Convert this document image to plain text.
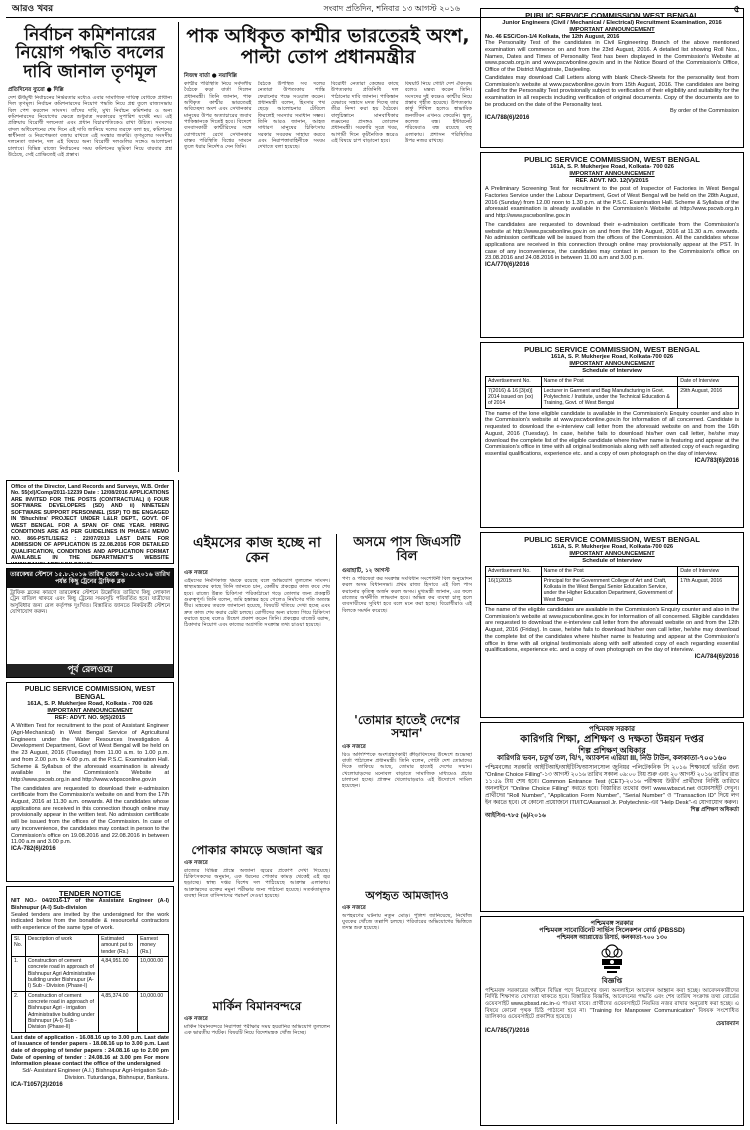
আরও খবর	সংবাদ প্রতিদিন, শনিবার ১৩ আগস্ট ২০১৬	৫
নির্বাচন কমিশনারের নিয়োগ পদ্ধতি বদলের দাবি জানাল তৃণমূল
প্রতিদিনের ব্যুরো ● দিল্লি
দেশ ঊর্ধমুখী নির্বাচনের নির্ভরতার মধ্যেও এবার সামাজিক দায়িত্ব বোধকে প্রাধান্য দিল তৃণমূল। নির্বাচন কমিশনারদের নিয়োগ পদ্ধতি নিয়ে প্রশ্ন তুলে রাজ্যসভায় বিল পেশ করলেন সাংসদ। তাঁদের দাবি, মুখ্য নির্বাচন কমিশনার ও অন্য কমিশনারদের নিয়োগের ক্ষেত্রে শুধুমাত্র সরকারের সুপারিশ যথেষ্ট নয়। এই প্রক্রিয়ায় বিরোধী দলনেতা এবং প্রধান বিচারপতিকেও রাখা উচিত। সংসদের বাদল অধিবেশনের শেষ দিনে এই দাবি জানিয়ে দলের তরফে বলা হয়, কমিশনের স্বাধীনতা ও নিরপেক্ষতা বজায় রাখতে এই সংস্কার জরুরি। তৃণমূলের সংসদীয় দলনেতা জানান, দল এই বিষয়ে অন্য বিরোধী দলগুলির সঙ্গেও আলোচনা চালাবে। বিভিন্ন রাজ্যে নির্বাচনের সময় কমিশনের ভূমিকা নিয়ে বারবার প্রশ্ন উঠেছে, সেই প্রেক্ষিতেই এই প্রস্তাব।
পাক অধিকৃত কাশ্মীর ভারতেরই অংশ, পাল্টা তোপ প্রধানমন্ত্রীর
নিজস্ব বার্তা ● নয়াদিল্লি
কাশ্মীর পরিস্থিতি নিয়ে সর্বদলীয় বৈঠকে কড়া বার্তা দিলেন প্রধানমন্ত্রী। তিনি জানান, পাক অধিকৃত কাশ্মীর ভারতেরই অবিচ্ছেদ্য অংশ এবং সেখানকার মানুষের উপর অত্যাচারের জবাব পাকিস্তানকে দিতেই হবে। বিদেশে বসবাসকারী কাশ্মীরিদের সঙ্গে যোগাযোগ রেখে সেখানকার বাস্তব পরিস্থিতি বিশ্বের সামনে তুলে ধরার নির্দেশও দেন তিনি।
বৈঠকে উপস্থিত সব দলের নেতারা উপত্যকায় শান্তি ফেরানোর পক্ষে সওয়াল করেন। প্রধানমন্ত্রী বলেন, হিংসার পথ ছেড়ে আলোচনার টেবিলে ফিরলেই সমস্যার সমাধান সম্ভব। তিনি আরও জানান, আহত সাধারণ মানুষের চিকিৎসায় সরকার সবরকম সাহায্য করবে এবং নিরাপত্তাবাহিনীকে সংযম দেখাতে বলা হয়েছে।
বিরোধী নেতারা কেন্দ্রের কাছে উপত্যকায় প্রতিনিধি দল পাঠানোর দাবি জানান। পাকিস্তান যেভাবে সন্ত্রাসে মদত দিচ্ছে তার তীব্র নিন্দা করা হয় বৈঠকে। বালুচিস্তানে মানবাধিকার লঙ্ঘনের প্রসঙ্গও তোলেন প্রধানমন্ত্রী। সরকারি সূত্রে খবর, আগামী দিনে কূটনৈতিক স্তরেও এই বিষয়ে চাপ বাড়ানো হবে।
বিষয়টি নিয়ে গোটা দেশ ঐক্যবদ্ধ বলেও মন্তব্য করেন তিনি। সংসদের দুই কক্ষেও কাশ্মীর নিয়ে প্রস্তাব গৃহীত হয়েছে। উপত্যকায় কার্ফু শিথিল হলেও স্বাভাবিক জনজীবন এখনও ফেরেনি। স্কুল, কলেজ বন্ধ। ইন্টারনেট পরিষেবাও বন্ধ রয়েছে বহু এলাকায়। প্রশাসন পরিস্থিতির উপর নজর রাখছে।
Office of the Director, Land Records and Surveys, W.B. Order No. 55(xl)/Comp/2011-12239 Date : 12/08/2016 APPLICATIONS ARE INVITED FOR THE POSTS (CONTRACTUAL) i) FOUR SOFTWARE DEVELOPERS (SD) AND ii) NINETEEN SOFTWARE SUPPORT PERSONNEL (SSP) TO BE ENGAGED IN 'Bhuchitra' PROJECT UNDER L&LR DEPT., GOVT. OF WEST BENGAL FOR A SPAN OF ONE YEAR. HIRING CONDITIONS ARE AS PER GUIDELINES IN PHASE-I MEMO NO. 866-PSTL/1E/E2 : 22/07/2013 LAST DATE FOR ADMISSION OF APPLICATION IS 22.08.2016 FOR DETAILED QUALIFICATION, CONDITIONS AND APPLICATION FORMAT AVAILABLE IN THE DEPARTMENT'S WEBSITE
তারকেশ্বর স্টেশনে ১৫.৮.২০১৬ তারিখ থেকে ২০.৮.২০১৬ তারিখ পর্যন্ত কিছু ট্রেনের ট্রাফিক ব্লক
ট্রাফিক ব্লকের কারণে তারকেশ্বর স্টেশনে উল্লেখিত তারিখে কিছু লোকাল ট্রেন বাতিল থাকবে এবং কিছু ট্রেনের সময়সূচি পরিবর্তিত হবে। যাত্রীদের অসুবিধার জন্য রেল কর্তৃপক্ষ দুঃখিত। বিস্তারিত জানতে নিকটবর্তী স্টেশনে যোগাযোগ করুন।
পূর্ব রেলওয়ে
PUBLIC SERVICE COMMISSION, WEST BENGAL
161A, S. P. Mukherjee Road, Kolkata - 700 026
IMPORTANT ANNOUNCEMENT
REF: ADVT. NO. 9(S)/2015
A Written Test for recruitment to the post of Assistant Engineer (Agri-Mechanical) in West Bengal Service of Agricultural Engineers under the Water Resources Investigation & Development Department, Govt of West Bengal will be held on the 23 August, 2016 (Tuesday) from 11.00 a.m. to 1.00 p.m. and from 2.00 p.m. to 4.00 p.m. at the P.S.C. Examination Hall. Scheme & Syllabus of the aforesaid examination is already available in the Commission's Website at http://www.pscwb.org.in and http://www.wbpsconline.gov.in
The candidates are requested to download their e-admission certificate from the Commission's website on and from the 17th August, 2016 at 11.30 a.m. onwards. All the candidates whose applications are received in this connection though online may provisionally appear in the written test. No admission certificate will be issued from the offices of the Commission. In case of any inconvenience, the candidates may contact in person to the Commission's office on 19.08.2016 and 22.08.2016 in between 11.00 a.m and 3.00 p.m.
ICA-782(6)/2016
TENDER NOTICE
NIT NO.- 04/2016-17 of the Assistant Engineer (A-I) Bishnupur (A-I) Sub-division
Sealed tenders are invited by the undersigned for the work indicated below from the bonafide & resourceful contractors with experience of the same type of work.
Sl. No.	Description of work	Estimated amount put to tender (Rs.)	Earnest money (Rs.)
1.	Construction of cement concrete road in approach of Bishnupur Agri Administrative building under Bishnupur (A-I) Sub - Division (Phase-I)	4,84,951.00	10,000.00
2.	Construction of cement concrete road in approach of Bishnupur Agri - irrigation Administrative building under Bishnupur (A-I) Sub - Division (Phase-II)	4,85,374.00	10,000.00
Last date of application - 16.08.16 up to 3.00 p.m. Last date of issuance of tender papers - 18.08.16 up to 3.00 p.m. Last date of dropping of tender papers : 24.08.16 up to 2.00 pm Date of opening of tender : 24.08.16 at 3.00 pm For more information please contact the office of the undersigned
Sd/- Assistant Engineer (A.I.) Bishnupur Agri-Irrigation Sub-Division. Tuturdanga, Bishnupur, Bankura.
ICA-T1057(2)/2016
এইমসের কাজ হচ্ছে না কেন
এক নজরে
এইমসের নির্মাণকাজ থমকে রয়েছে বলে অভিযোগ তুললেন সাংসদ। স্বাস্থ্যমন্ত্রকের কাছে তিনি জানতে চান, কেন্দ্রীয় প্রকল্পের কাজ কবে শেষ হবে। রাজ্যে উন্নত চিকিৎসা পরিকাঠামো গড়ে তোলার জন্য প্রকল্পটি গুরুত্বপূর্ণ। তিনি বলেন, জমি হস্তান্তর হয়ে গেলেও নির্মাণের গতি অত্যন্ত ধীর। মন্ত্রকের তরফে জানানো হয়েছে, বিষয়টি খতিয়ে দেখা হচ্ছে এবং দ্রুত কাজ শেষ করার চেষ্টা চলছে। রোগীদের অন্য রাজ্যে গিয়ে চিকিৎসা করাতে হচ্ছে বলেও উদ্বেগ প্রকাশ করেন তিনি। প্রকল্পের বাজেট বরাদ্দ, ঠিকাদার নিয়োগ এবং কাজের অগ্রগতি সংক্রান্ত তথ্য চাওয়া হয়েছে।
পোকার কামড়ে অজানা জ্বর
এক নজরে
রাজ্যের বিভিন্ন প্রান্তে অজানা জ্বরের প্রকোপ দেখা দিয়েছে। চিকিৎসকদের অনুমান, এক ধরনের পোকার কামড় থেকেই এই জ্বর ছড়াচ্ছে। স্বাস্থ্য দপ্তর বিশেষ দল পাঠিয়েছে আক্রান্ত এলাকায়। আক্রান্তদের রক্তের নমুনা পরীক্ষার জন্য পাঠানো হয়েছে। সতর্কতামূলক ব্যবস্থা নিতে বাসিন্দাদের পরামর্শ দেওয়া হয়েছে।
মার্কিন বিমানবন্দরে
এক নজরে
মার্কিন বিমানবন্দরে নিরাপত্তা পরীক্ষার সময় হয়রানির অভিযোগ তুললেন এক ভারতীয় পর্যটক। বিষয়টি নিয়ে বিদেশমন্ত্রক খোঁজ নিচ্ছে।
অসমে পাস জিএসটি বিল
গুয়াহাটি, ১২ আগস্ট
পণ্য ও পরিষেবা কর সংক্রান্ত সংবিধান সংশোধনী বিল অনুমোদন করল অসম বিধানসভা। প্রথম রাজ্য হিসাবে এই বিল পাস করানোর কৃতিত্ব অর্জন করল অসম। মুখ্যমন্ত্রী জানান, এর ফলে রাজ্যের অর্থনীতি লাভবান হবে। অভিন্ন কর ব্যবস্থা চালু হলে ব্যবসায়ীদের সুবিধা হবে বলে মনে করা হচ্ছে। বিরোধীরাও এই বিলকে সমর্থন করেছে।
'তোমার হাতেই দেশের সম্মান'
এক নজরে
রিও অলিম্পিকে অংশগ্রহণকারী ক্রীড়াবিদদের উদ্দেশে শুভেচ্ছা বার্তা পাঠালেন প্রধানমন্ত্রী। তিনি বলেন, গোটা দেশ তোমাদের দিকে তাকিয়ে আছে, তোমার হাতেই দেশের সম্মান। খেলোয়াড়দের মনোবল বাড়াতে সামাজিক মাধ্যমেও প্রচার চালানো হচ্ছে। প্রাক্তন খেলোয়াড়রাও এই উদ্যোগে সামিল হয়েছেন।
অপহৃত আমজাদও
এক নজরে
অপহরণের ঘটনায় নতুন মোড়। পুলিশ জানিয়েছে, নিখোঁজ যুবকের খোঁজে তল্লাশি চলছে। পরিবারের অভিযোগের ভিত্তিতে তদন্ত শুরু হয়েছে।
PUBLIC SERVICE COMMISSION WEST BENGAL
Junior Engineers (Civil / Mechanical / Electrical) Recruitment Examination, 2016
IMPORTANT ANNOUNCEMENT
No. 46 ESC/Con-1/4 Kolkata, the 12th August, 2016
The Personality Test of the candidates in Civil Engineering Branch of the above mentioned examination will commence on and from the 23rd August, 2016. A detailed list showing Roll Nos., Names, Dates and Times of Personality Test has been displayed in the Commission's Website at www.pscwb.org.in and www.pscwbonline.gov.in and in the Notice Board of the Commission's Office, Office of the District Magistrate, Darjeeling.
Candidates may download Call Letters along with blank Check-Sheets for the personality test from Commission's website at www.pscwbonline.gov.in from 15th August, 2016. The candidates are being called for the Personality Test provisionally subject to verification of their eligibility and suitability for the examination in all respects including verification of original documents. Copy of the documents are to be produced on the date of the Personality test.
By order of the Commission
ICA/788(6)/2016
PUBLIC SERVICE COMMISSION, WEST BENGAL
161A, S. P. Mukherjee Road, Kolkata- 700 026
IMPORTANT ANNOUNCEMENT
REF. ADVT. NO. 12(V)/2015
A Preliminary Screening Test for recruitment to the post of Inspector of Factories in West Bengal Factories Service under the Labour Department, Govt of West Bengal will be held on the 28th August, 2016 (Sunday) from 12.00 noon to 1.30 p.m. at the P.S.C. Examination Hall. Scheme & Syllabus of the aforesaid examination is already available in the Commission's Website at http://www.pscwb.org.in and http://www.pscwbonline.gov.in
The candidates are requested to download their e-admission certificate from the Commission's website at http://www.pscwbonline.gov.in on and from the 19th August, 2016 at 11.30 a.m. onwards. No admission certificate will be issued from the offices of the Commission. All the candidates whose applications are received in this connection through online may provisionally appear at the PST. In case of any inconvenience, the candidates may contact in person to the Commission's office on 23.08.2016 and 24.08.2016 in between 11.00 a.m and 3.00 p.m.
ICA/770(6)/2016
PUBLIC SERVICE COMMISSION, WEST BENGAL
161A, S. P. Mukherjee Road, Kolkata-700 026
IMPORTANT ANNOUNCEMENT
Schedule of Interview
Advertisement No.	Name of the Post	Date of Interview
7(2016) & 16 [3(xi)] 2014 issued on (xx) of 2014	Lecturer in Garment and Bag Manufacturing in Govt. Polytechnic / Institute, under the Technical Education & Training, Govt. of West Bengal	29th August, 2016
The name of the lone eligible candidate is available in the Commission's Enquiry counter and also in the Commission's website at www.pscwbonline.gov.in for information of all concerned. Candidate is requested to download the e-interview call letter from the aforesaid website on and from the 16th August, 2016 (Tuesday). In case, he/she fails to download his/her own call letter, he/she may download the complete list of the eligible candidate where his/her name is featuring and appear at the Commission's office in time with all original testimonials along with self attested copy of each regarding essential qualifications, experience etc. and a copy of own photograph on the day of interview.
ICA/783(6)/2016
PUBLIC SERVICE COMMISSION, WEST BENGAL
161A, S. P. Mukherjee Road, Kolkata-700 026
IMPORTANT ANNOUNCEMENT
Schedule of Interview
Advertisement No.	Name of the Post	Date of Interview
16(1)2015	Principal for the Government College of Art and Craft, Kolkata in the West Bengal Senior Education Service, under the Higher Education Department, Government of West Bengal	17th August, 2016
The name of the eligible candidates are available in the Commission's Enquiry counter and also in the Commission's website at www.pscwbonline.gov.in for information of all concerned. Eligible candidates are requested to download the e-interview call letter from the aforesaid website on and from the 12th August, 2016 (Friday). In case, he/she fails to download his/her own call letter, he/she may download the complete list of the candidates where his/her name is featuring and appear at the Commission's office in time with all original testimonials along with self attested copy of each regarding essential qualifications, experience etc. and a copy of own photograph on the day of interview.
ICA/784(6)/2016
পশ্চিমবঙ্গ সরকার
কারিগরি শিক্ষা, প্রশিক্ষণ ও দক্ষতা উন্নয়ন দপ্তর
শিল্প প্রশিক্ষণ অধিকার
কারিগরি ভবন, চতুর্থ তল, বি/৭, অ্যাকশন এরিয়া III, নিউ টাউন, কলকাতা-৭০০১৬০
পশ্চিমবঙ্গের সরকারি আইটিআই/আইটিসি/আসানসোল জুনিয়র পলিটেকনিক সি ২০১৬ শিক্ষাবর্ষে ভর্তির জন্য "Online Choice Filling"-১৩ আগস্ট ২০১৬ তারিখ সকাল ০৯:০০ টায় শুরু এবং ২০ আগস্ট ২০১৬ তারিখ রাত ১১:৫৯ টায় শেষ হবে। Common Entrance Test (CET)-২০১৬ পরীক্ষায় উত্তীর্ণ প্রার্থীদের নির্দিষ্ট তারিখে অনলাইনে "Online Choice Filling" করতে হবে। বিস্তারিত তথ্যের জন্য www.wbscvt.net ওয়েবসাইট দেখুন। প্রার্থীদের "Roll Number", "Application Form Number", "Serial Number" ও "Transaction ID" দিয়ে লগ ইন করতে হবে। যে কোনো প্রয়োজনে ITI/ITC/Asansol Jr. Polytechnic-এর "Help Desk"-এ যোগাযোগ করুন।
শিল্প প্রশিক্ষণ অধিকর্তা
আইসিএ-৭৮৫ (৬)/২০১৬
পশ্চিমবঙ্গ সরকার
পশ্চিমবঙ্গ সাবোর্ডিনেট সার্ভিস সিলেকশন বোর্ড (PBSSD)
পশ্চিমবঙ্গ অ্যাপ্লায়েড রিসার্চ, কলকাতা-৭০০ ১৩০
বিজ্ঞপ্তি
পশ্চিমবঙ্গ সরকারের অধীনে বিভিন্ন পদে নিয়োগের জন্য অনলাইনে আবেদন আহ্বান করা হচ্ছে। আবেদনকারীদের নির্দিষ্ট শিক্ষাগত যোগ্যতা থাকতে হবে। বিস্তারিত বিজ্ঞপ্তি, আবেদনের পদ্ধতি এবং শেষ তারিখ সংক্রান্ত তথ্য বোর্ডের ওয়েবসাইট www.pbssd.nic.in-এ পাওয়া যাবে। প্রার্থীদের ওয়েবসাইটে নিয়মিত নজর রাখার অনুরোধ করা হচ্ছে। এ বিষয়ে কোনো পৃথক চিঠি পাঠানো হবে না। "Training for Manpower Communication" বিষয়ক সংশোধিত তালিকাও ওয়েবসাইটে প্রকাশিত হয়েছে।
চেয়ারম্যান
ICA/785(7)/2016
